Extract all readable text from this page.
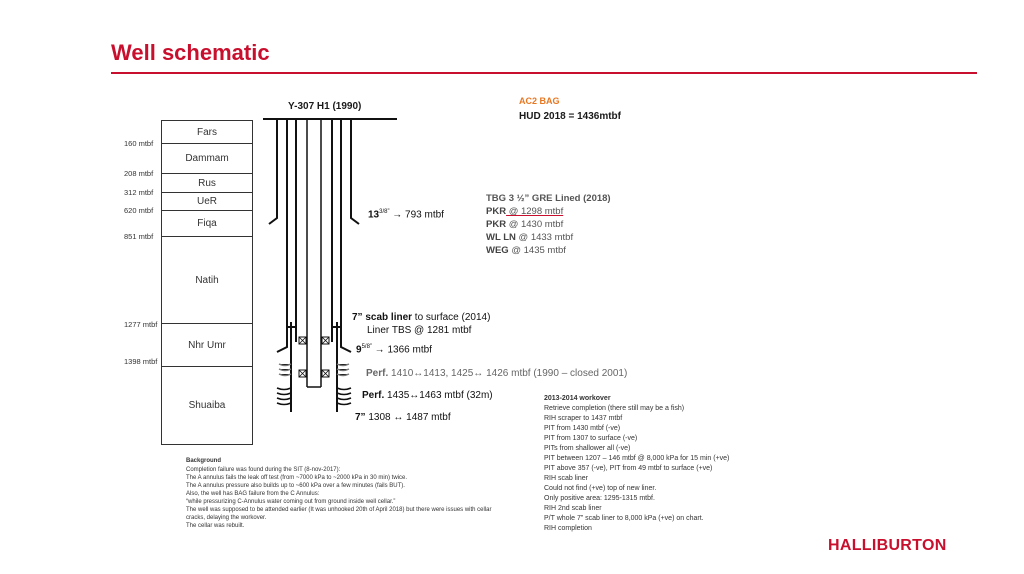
Well schematic
Fars
Dammam
Rus
UeR
Fiqa
Natih
Nhr Umr
Shuaiba
160 mtbf
208 mtbf
312 mtbf
620 mtbf
851 mtbf
1277 mtbf
1398 mtbf
Y-307 H1 (1990)	AC2 BAG
HUD 2018 = 1436mtbf
TBG 3 ½” GRE Lined (2018)
PKR @ 1298 mtbf
PKR @ 1430 mtbf
WL LN @ 1433 mtbf
WEG @ 1435 mtbf
$13^{3/8”} \to 793$ mtbf
7” scab liner to surface (2014)
Liner TBS @ 1281 mtbf
$9^{5/8”} \to 1366$ mtbf
Perf. 1410↔1413, 1425↔ 1426 mtbf (1990 – closed 2001)
Perf. 1435↔1463 mtbf (32m)
7” 1308 ↔ 1487 mtbf
Background
Completion failure was found during the SIT (8-nov-2017):
The A annulus fails the leak off test (from ~7000 kPa to ~2000 kPa in 30 min) twice.
The A annulus pressure also builds up to ~600 kPa over a few minutes (fails BUT).
Also, the well has BAG failure from the C Annulus:
“while pressurizing C-Annulus water coming out from ground inside well cellar.”
The well was supposed to be attended earlier (It was unhooked 20th of April 2018) but there were issues with cellar
cracks, delaying the workover.
The cellar was rebuilt.
2013-2014 workover
Retrieve completion (there still may be a fish)
RIH scraper to 1437 mtbf
PIT from 1430 mtbf (-ve)
PIT from 1307 to surface (-ve)
PITs from shallower all (-ve)
PIT between 1207 – 146 mtbf @ 8,000 kPa for 15 min (+ve)
PIT above 357 (-ve), PIT from 49 mtbf to surface (+ve)
RIH scab liner
Could not find (+ve) top of new liner.
Only positive area: 1295-1315 mtbf.
RIH 2nd scab liner
P/T whole 7” scab liner to 8,000 kPa (+ve) on chart.
RIH completion
HALLIBURTON
